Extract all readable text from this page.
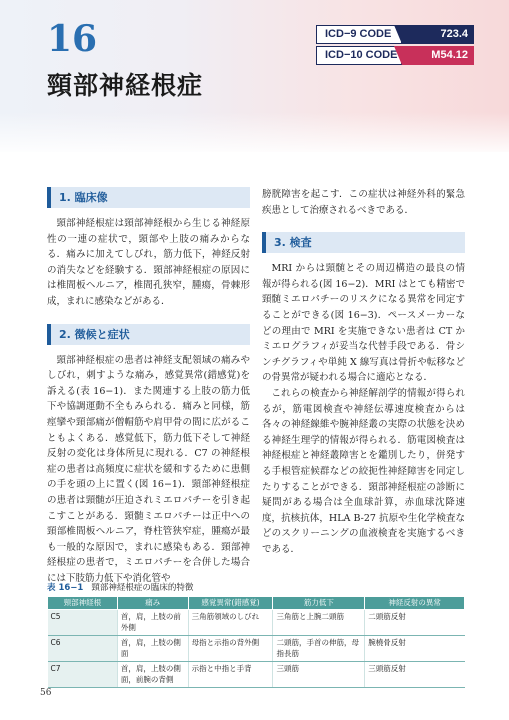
16
頸部神経根症
ICD−9 CODE	723.4
ICD−10 CODE	M54.12
1. 臨床像

頸部神経根症は頸部神経根から生じる神経原性の一連の症状で，頸部や上肢の痛みからなる．痛みに加えてしびれ，筋力低下，神経反射の消失などを経験する．頸部神経根症の原因には椎間板ヘルニア，椎間孔狭窄，腫瘍，骨棘形成，まれに感染などがある．

2. 徴候と症状

頸部神経根症の患者は神経支配領域の痛みやしびれ，刺すような痛み，感覚異常(錯感覚)を訴える(表 16−1)．また関連する上肢の筋力低下や協調運動不全もみられる．痛みと同様，筋痙攣や頸部痛が僧帽筋や肩甲骨の間に広がることもよくある．感覚低下，筋力低下そして神経反射の変化は身体所見に現れる．C7 の神経根症の患者は高頻度に症状を緩和するために患側の手を頭の上に置く(図 16−1)．頸部神経根症の患者は頸髄が圧迫されミエロパチーを引き起こすことがある．頸髄ミエロパチーは正中への頸部椎間板ヘルニア，脊柱管狭窄症，腫瘍が最も一般的な原因で，まれに感染もある．頸部神経根症の患者で，ミエロパチーを合併した場合には下肢筋力低下や消化管や

膀胱障害を起こす．この症状は神経外科的緊急疾患として治療されるべきである．

3. 検査

MRI からは頸髄とその周辺構造の最良の情報が得られる(図 16−2)．MRI はとても精密で頸髄ミエロパチーのリスクになる異常を同定することができる(図 16−3)．ペースメーカーなどの理由で MRI を実施できない患者は CT かミエログラフィが妥当な代替手段である．骨シンチグラフィや単純 X 線写真は骨折や転移などの骨異常が疑われる場合に適応となる．

これらの検査から神経解剖学的情報が得られるが，筋電図検査や神経伝導速度検査からは各々の神経線維や腕神経叢の実際の状態を決める神経生理学的情報が得られる．筋電図検査は神経根症と神経叢障害とを鑑別したり，併発する手根管症候群などの絞扼性神経障害を同定したりすることができる．頸部神経根症の診断に疑問がある場合は全血球計算，赤血球沈降速度，抗核抗体，HLA B-27 抗原や生化学検査などのスクリーニングの血液検査を実施するべきである．

表 16−1 頸部神経根症の臨床的特徴
頸部神経根	痛み	感覚異常(錯感覚)	筋力低下	神経反射の異常
C5	首，肩，上肢の前外側	三角筋領域のしびれ	三角筋と上腕二頭筋	二頭筋反射
C6	首，肩，上肢の側面	母指と示指の背外側	二頭筋，手首の伸筋，母指長筋	腕橈骨反射
C7	首，肩，上肢の側面，前腕の背側	示指と中指と手背	三頭筋	三頭筋反射
56
